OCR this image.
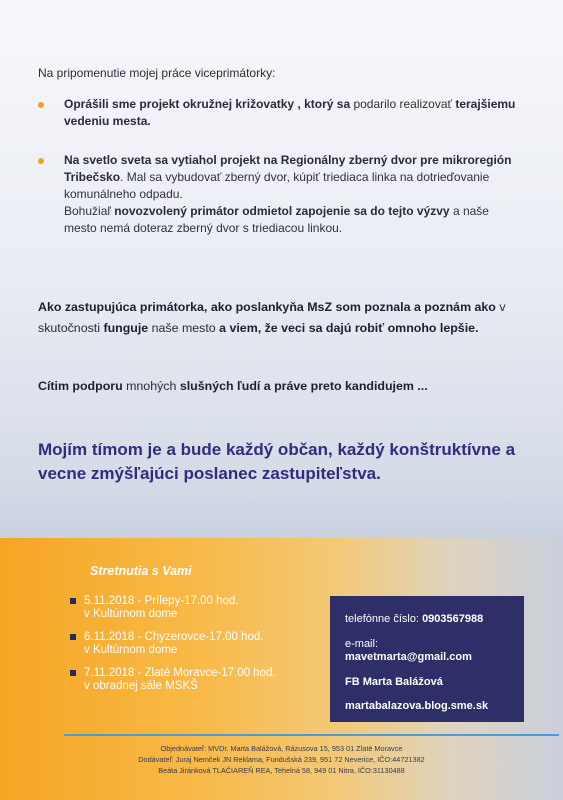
Na pripomenutie mojej práce viceprimátorky:
Oprášili sme projekt okružnej križovatky , ktorý sa podarilo realizovať terajšiemu vedeniu mesta.
Na svetlo sveta sa vytiahol projekt na Regionálny zberný dvor pre mikroregión Tribečsko. Mal sa vybudovať zberný dvor, kúpiť triediaca linka na dotrieďovanie komunálneho odpadu.
Bohužiaľ novozvolený primátor odmietol zapojenie sa do tejto výzvy a naše mesto nemá doteraz zberný dvor s triediacou linkou.
Ako zastupujúca primátorka, ako poslankyňa MsZ som poznala a poznám ako v skutočnosti funguje naše mesto a viem, že veci sa dajú robiť omnoho lepšie.
Cítim podporu mnohých slušných ľudí a práve preto kandidujem ...
Mojím tímom je a bude každý občan, každý konštruktívne a vecne zmýšľajúci poslanec zastupiteľstva.
Stretnutia s Vami
5.11.2018 - Prílepy-17.00 hod.
v Kultúrnom dome
6.11.2018 - Chyzerovce-17.00 hod.
v Kultúrnom dome
7.11.2018 - Zlaté Moravce-17.00 hod.
v obradnej sále MSKŠ
telefónne číslo: 0903567988
e-mail:
mavetmarta@gmail.com
FB Marta Balážová
martabalazova.blog.sme.sk
Objednávateľ: MVDr. Marta Balážová, Rázusova 15, 953 01 Zlaté Moravce
Dodávateľ: Juraj Nemček JN Reklama, Fundušská 239, 951 72 Neverice, IČO:44721382
Beáta Jiránková TLAČIAREŇ REA, Tehelná 58, 949 01 Nitra, IČO:31130488
